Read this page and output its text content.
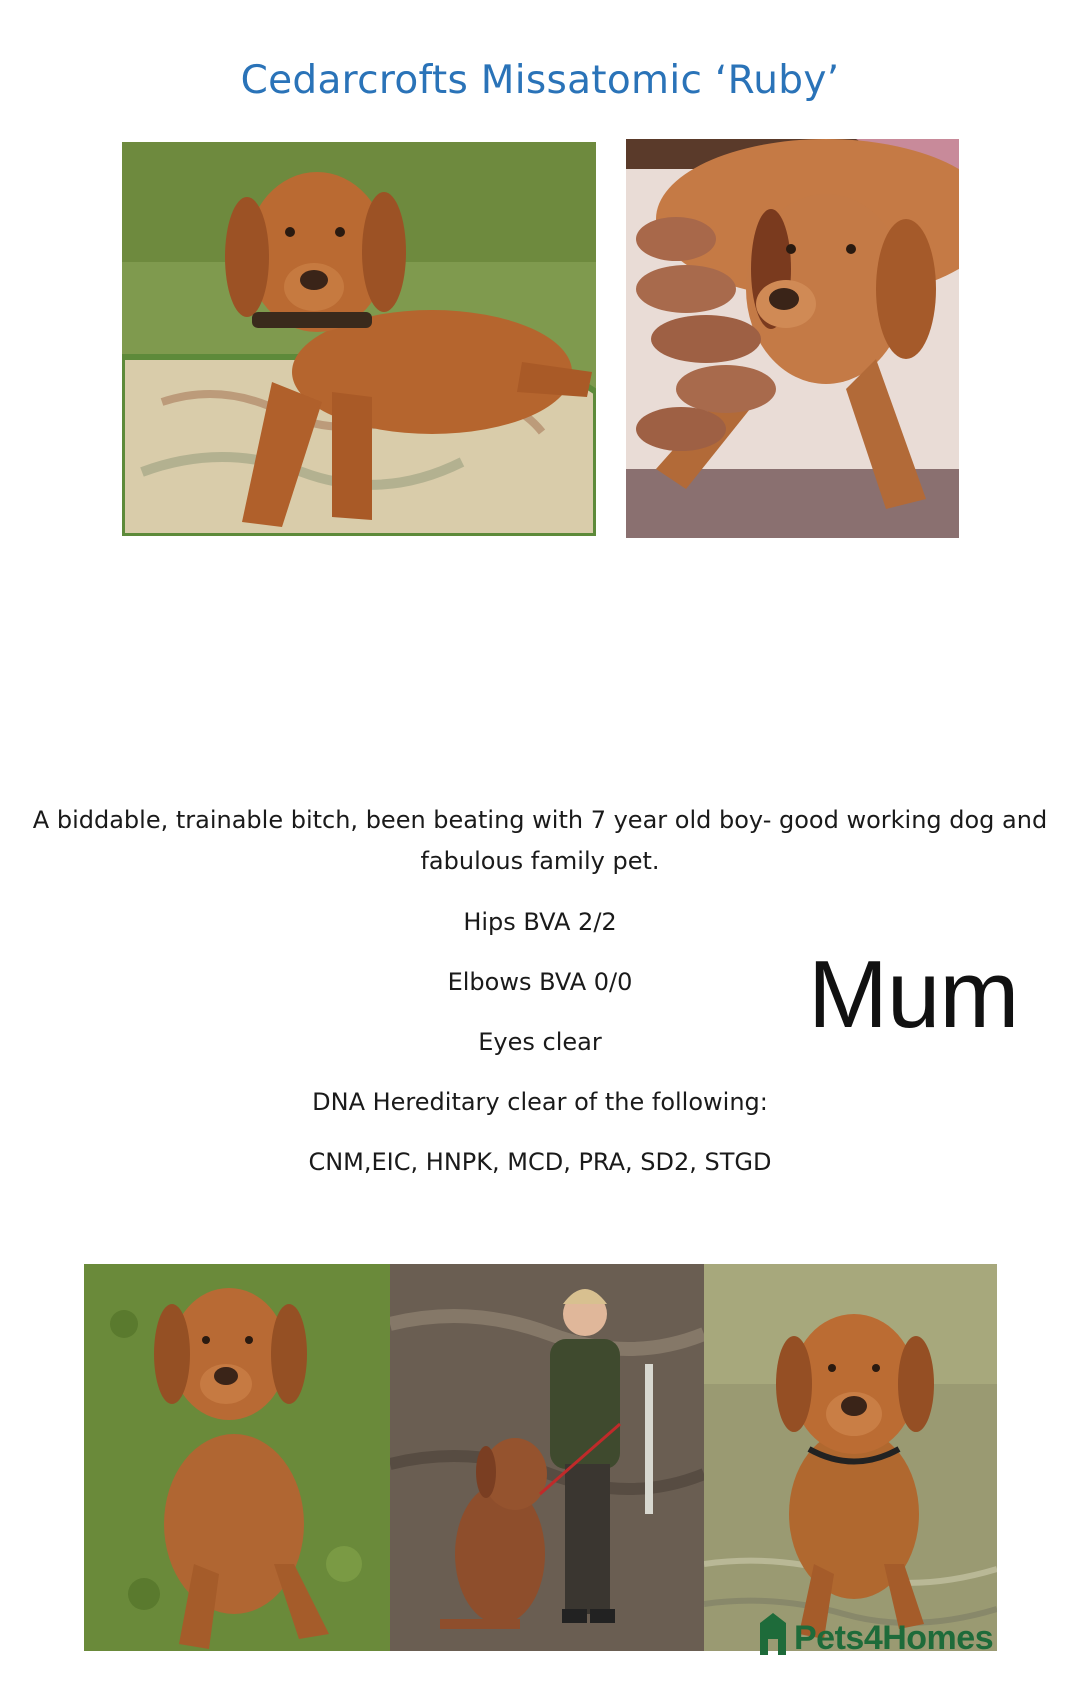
Cedarcrofts Missatomic ‘Ruby’
A biddable, trainable bitch, been beating with 7 year old boy- good working dog and fabulous family pet.
Hips BVA 2/2
Elbows BVA 0/0
Eyes clear
DNA Hereditary clear of the following:
CNM,EIC, HNPK, MCD, PRA, SD2, STGD
Mum
Pets4Homes
